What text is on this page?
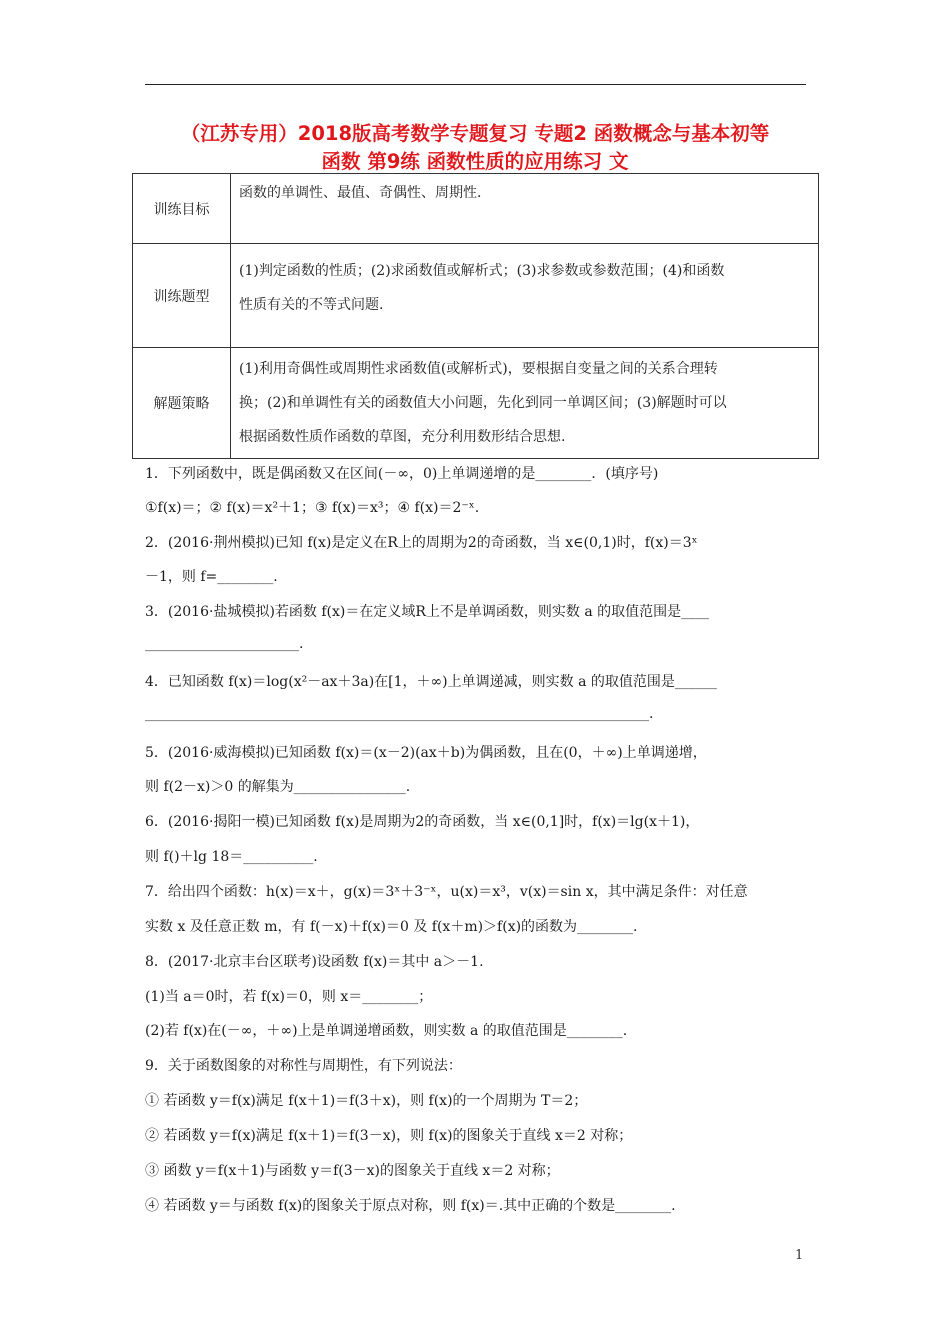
（江苏专用）2018版高考数学专题复习 专题2 函数概念与基本初等
函数 第9练 函数性质的应用练习 文
训练目标	函数的单调性、最值、奇偶性、周期性.

训练题型	(1)判定函数的性质；(2)求函数值或解析式；(3)求参数或参数范围；(4)和函数
性质有关的不等式问题.

解题策略	(1)利用奇偶性或周期性求函数值(或解析式)，要根据自变量之间的关系合理转
换；(2)和单调性有关的函数值大小问题，先化到同一单调区间；(3)解题时可以
根据函数性质作函数的草图，充分利用数形结合思想.
1．下列函数中，既是偶函数又在区间(－∞，0)上单调递增的是________．(填序号)
①f(x)＝；② f(x)＝x²＋1；③ f(x)＝x³；④ f(x)＝2⁻ˣ.
2．(2016·荆州模拟)已知 f(x)是定义在R上的周期为2的奇函数，当 x∈(0,1)时，f(x)＝3ˣ
－1，则 f=________.
3．(2016·盐城模拟)若函数 f(x)＝在定义域R上不是单调函数，则实数 a 的取值范围是____
______________________.
4．已知函数 f(x)＝log(x²－ax＋3a)在[1，＋∞)上单调递减，则实数 a 的取值范围是______
________________________________________________________________________.
5．(2016·威海模拟)已知函数 f(x)＝(x－2)(ax＋b)为偶函数，且在(0，＋∞)上单调递增，
则 f(2－x)＞0 的解集为________________.
6．(2016·揭阳一模)已知函数 f(x)是周期为2的奇函数，当 x∈(0,1]时，f(x)＝lg(x＋1)，
则 f()＋lg 18＝__________.
7．给出四个函数：h(x)＝x＋，g(x)＝3ˣ＋3⁻ˣ，u(x)＝x³，v(x)＝sin x，其中满足条件：对任意
实数 x 及任意正数 m，有 f(－x)＋f(x)＝0 及 f(x＋m)＞f(x)的函数为________.
8．(2017·北京丰台区联考)设函数 f(x)＝其中 a＞－1.
(1)当 a＝0时，若 f(x)＝0，则 x＝________；
(2)若 f(x)在(－∞，＋∞)上是单调递增函数，则实数 a 的取值范围是________.
9．关于函数图象的对称性与周期性，有下列说法：
① 若函数 y＝f(x)满足 f(x＋1)＝f(3＋x)，则 f(x)的一个周期为 T＝2；
② 若函数 y＝f(x)满足 f(x＋1)＝f(3－x)，则 f(x)的图象关于直线 x＝2 对称；
③ 函数 y＝f(x＋1)与函数 y＝f(3－x)的图象关于直线 x＝2 对称；
④ 若函数 y＝与函数 f(x)的图象关于原点对称，则 f(x)＝.其中正确的个数是________.
1
